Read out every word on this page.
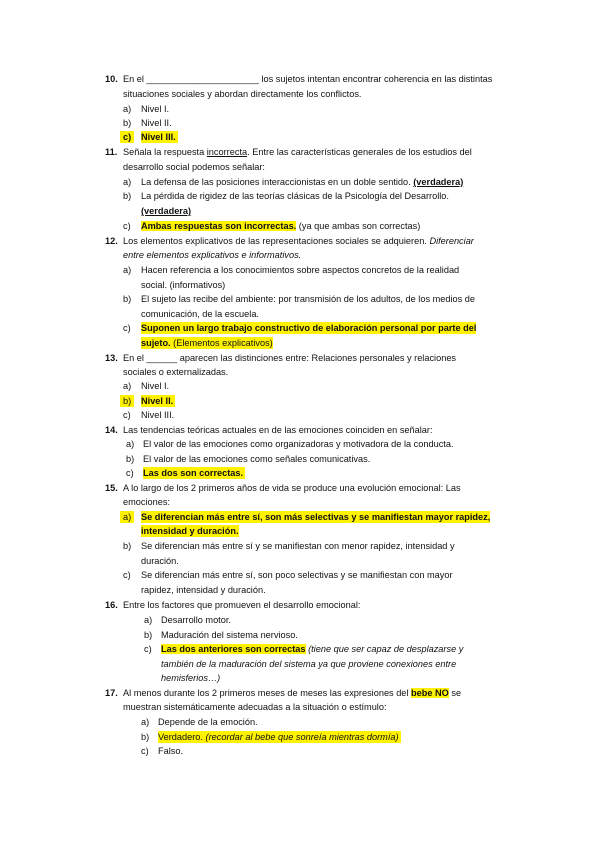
10. En el ______________________ los sujetos intentan encontrar coherencia en las distintas
situaciones sociales y abordan directamente los conflictos.
a) Nivel I.
b) Nivel II.
c)	Nivel III.
11. Señala la respuesta incorrecta. Entre las características generales de los estudios del
desarrollo social podemos señalar:
a) La defensa de las posiciones interaccionistas en un doble sentido. (verdadera)
b) La pérdida de rigidez de las teorías clásicas de la Psicología del Desarrollo.
(verdadera)
c) Ambas respuestas son incorrectas. (ya que ambas son correctas)
12. Los elementos explicativos de las representaciones sociales se adquieren. Diferenciar
entre elementos explicativos e informativos.
a) Hacen referencia a los conocimientos sobre aspectos concretos de la realidad
social. (informativos)
b) El sujeto las recibe del ambiente: por transmisión de los adultos, de los medios de
comunicación, de la escuela.
c) Suponen un largo trabajo constructivo de elaboración personal por parte del
sujeto. (Elementos explicativos)
13. En el ______ aparecen las distinciones entre: Relaciones personales y relaciones
sociales o externalizadas.
a) Nivel I.
b)	Nivel II.
c) Nivel III.
14. Las tendencias teóricas actuales en de las emociones coinciden en señalar:
a) El valor de las emociones como organizadoras y motivadora de la conducta.
b) El valor de las emociones como señales comunicativas.
c) Las dos son correctas.
15. A lo largo de los 2 primeros años de vida se produce una evolución emocional: Las
emociones:
a)	Se diferencian más entre sí, son más selectivas y se manifiestan mayor rapidez,
intensidad y duración.
b) Se diferencian más entre sí y se manifiestan con menor rapidez, intensidad y
duración.
c) Se diferencian más entre sí, son poco selectivas y se manifiestan con mayor
rapidez, intensidad y duración.
16. Entre los factores que promueven el desarrollo emocional:
a) Desarrollo motor.
b) Maduración del sistema nervioso.
c) Las dos anteriores son correctas (tiene que ser capaz de desplazarse y
también de la maduración del sistema ya que proviene conexiones entre
hemisferios…)
17. Al menos durante los 2 primeros meses de meses las expresiones del bebe NO se
muestran sistemáticamente adecuadas a la situación o estímulo:
a) Depende de la emoción.
b) Verdadero. (recordar al bebe que sonreía mientras dormía)
c) Falso.
